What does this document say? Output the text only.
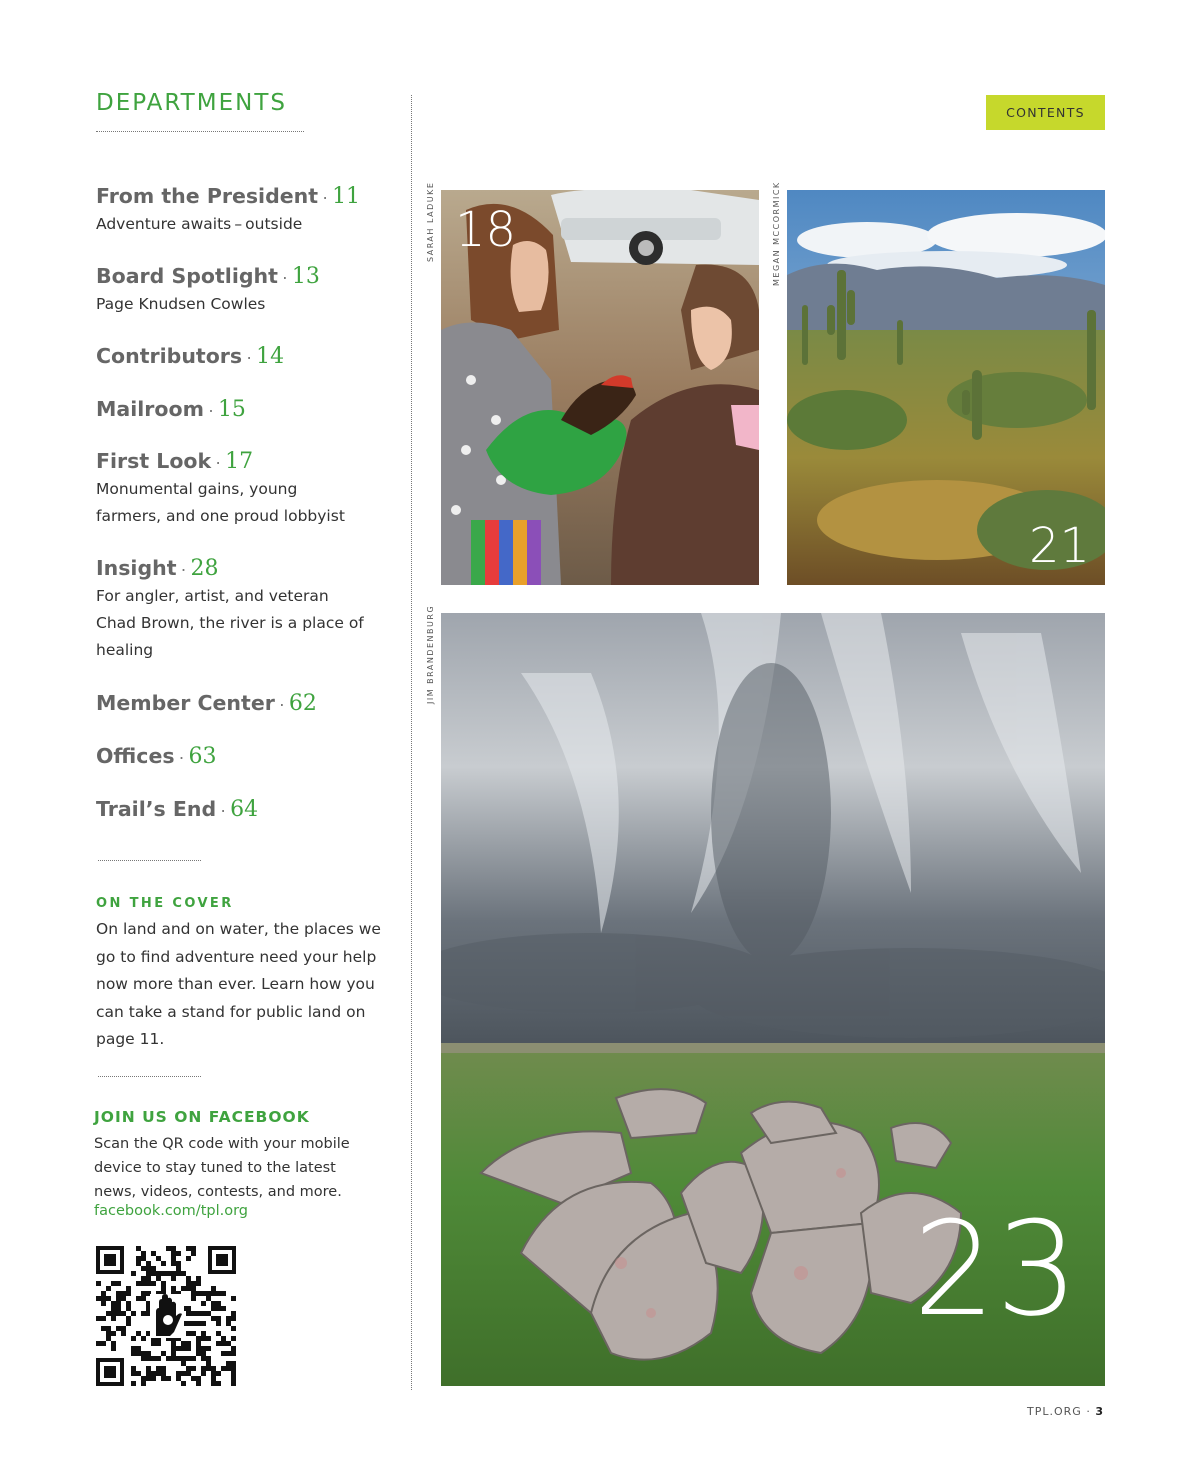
DEPARTMENTS
From the President · 11
Adventure awaits – outside
Board Spotlight · 13
Page Knudsen Cowles
Contributors · 14
Mailroom · 15
First Look · 17
Monumental gains, young farmers, and one proud lobbyist
Insight · 28
For angler, artist, and veteran Chad Brown, the river is a place of healing
Member Center · 62
Offices · 63
Trail’s End · 64
ON THE COVER

On land and on water, the places we go to find adventure need your help now more than ever. Learn how you can take a stand for public land on page 11.

JOIN US ON FACEBOOK

Scan the QR code with your mobile device to stay tuned to the latest news, videos, contests, and more.

facebook.com/tpl.org
CONTENTS
SARAH LADUKE	MEGAN MCCORMICK
JIM BRANDENBURG
18
21
23
TPL.ORG · 3
